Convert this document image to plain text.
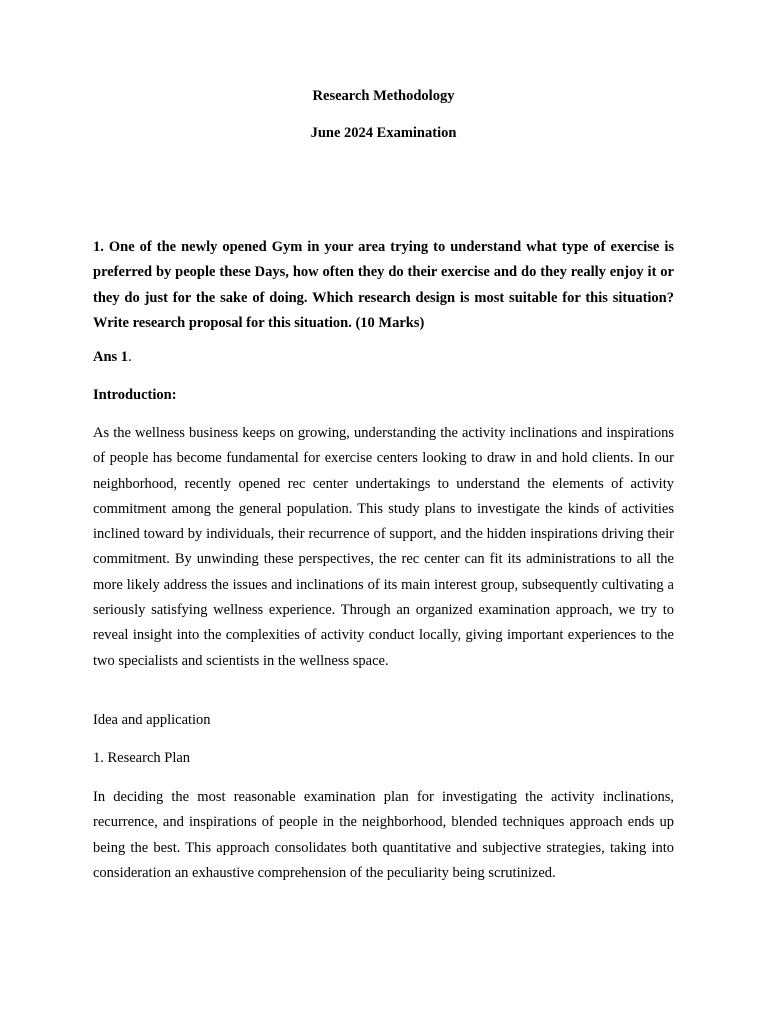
Research Methodology

June 2024 Examination

1. One of the newly opened Gym in your area trying to understand what type of exercise is preferred by people these Days, how often they do their exercise and do they really enjoy it or they do just for the sake of doing. Which research design is most suitable for this situation? Write research proposal for this situation. (10 Marks)

Ans 1.

Introduction:

As the wellness business keeps on growing, understanding the activity inclinations and inspirations of people has become fundamental for exercise centers looking to draw in and hold clients. In our neighborhood, recently opened rec center undertakings to understand the elements of activity commitment among the general population. This study plans to investigate the kinds of activities inclined toward by individuals, their recurrence of support, and the hidden inspirations driving their commitment. By unwinding these perspectives, the rec center can fit its administrations to all the more likely address the issues and inclinations of its main interest group, subsequently cultivating a seriously satisfying wellness experience. Through an organized examination approach, we try to reveal insight into the complexities of activity conduct locally, giving important experiences to the two specialists and scientists in the wellness space.

Idea and application

1. Research Plan

In deciding the most reasonable examination plan for investigating the activity inclinations, recurrence, and inspirations of people in the neighborhood, blended techniques approach ends up being the best. This approach consolidates both quantitative and subjective strategies, taking into consideration an exhaustive comprehension of the peculiarity being scrutinized.
